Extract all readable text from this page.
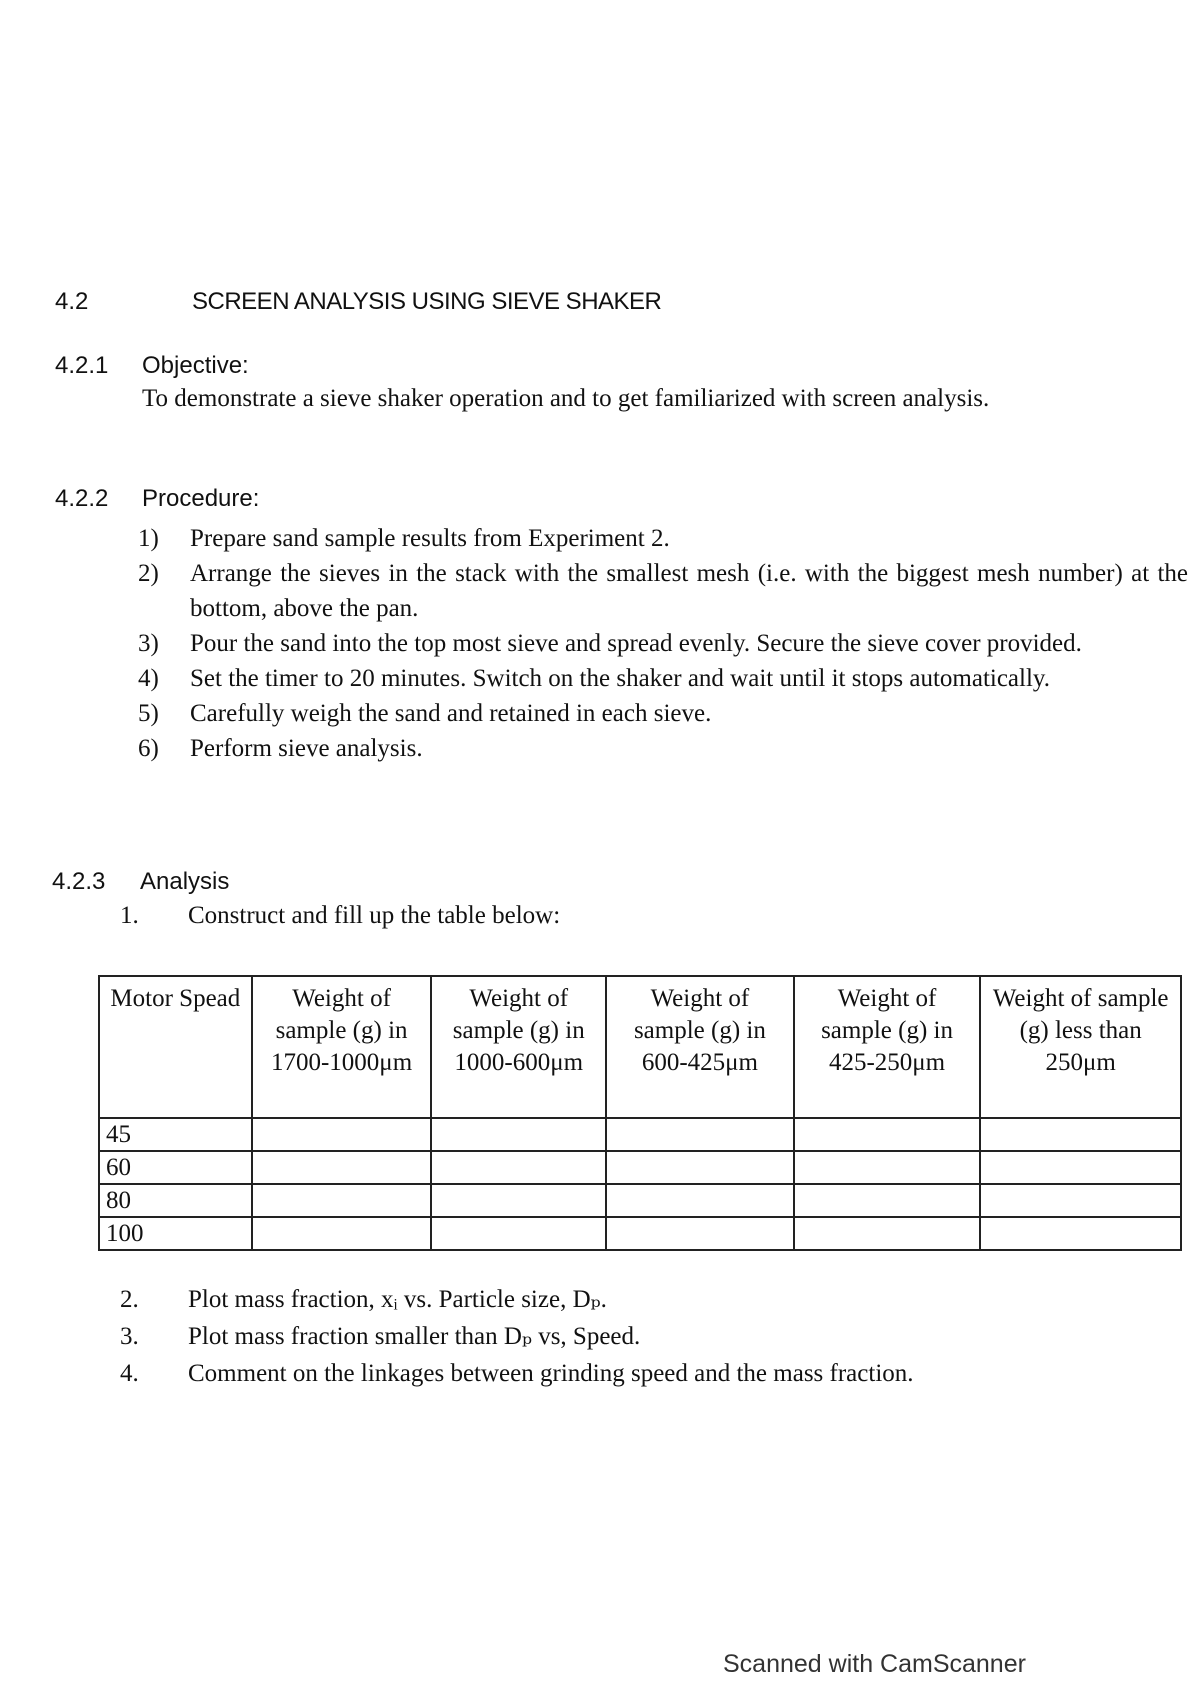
4.2	SCREEN ANALYSIS USING SIEVE SHAKER
4.2.1 Objective:
To demonstrate a sieve shaker operation and to get familiarized with screen analysis.
4.2.2 Procedure:
1)	Prepare sand sample results from Experiment 2.
2)	Arrange the sieves in the stack with the smallest mesh (i.e. with the biggest mesh number) at the bottom, above the pan.
3)	Pour the sand into the top most sieve and spread evenly. Secure the sieve cover provided.
4)	Set the timer to 20 minutes. Switch on the shaker and wait until it stops automatically.
5)	Carefully weigh the sand and retained in each sieve.
6)	Perform sieve analysis.
4.2.3 Analysis
1.	Construct and fill up the table below:
Motor Spead	Weight of sample (g) in 1700-1000μm	Weight of sample (g) in 1000-600μm	Weight of sample (g) in 600-425μm	Weight of sample (g) in 425-250μm	Weight of sample (g) less than 250μm
45					
60					
80					
100					
2.	Plot mass fraction, xᵢ vs. Particle size, Dₚ.
3.	Plot mass fraction smaller than Dₚ vs, Speed.
4.	Comment on the linkages between grinding speed and the mass fraction.
Scanned with CamScanner
